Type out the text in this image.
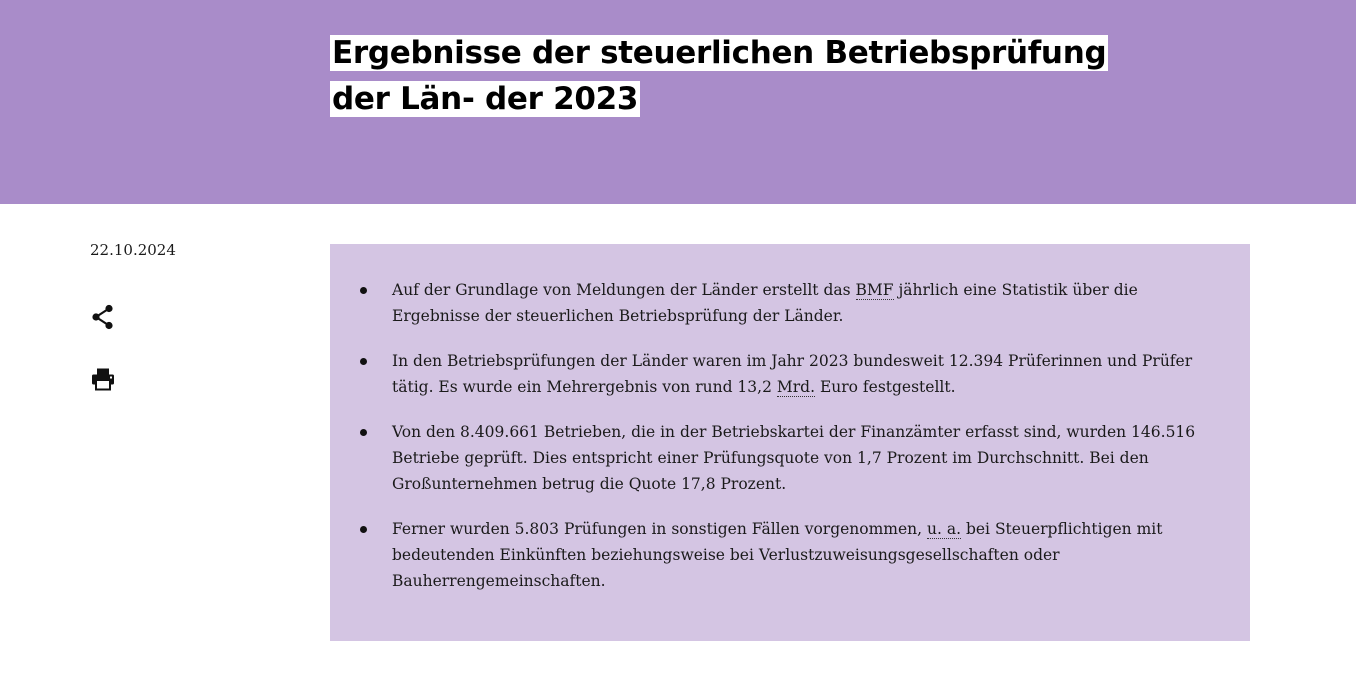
Ergebnisse der steuerlichen Betriebsprüfung der Län- der 2023
22.10.2024
Auf der Grundlage von Meldungen der Länder erstellt das BMF jährlich eine Statistik über die Ergebnisse der steuerlichen Betriebsprüfung der Länder.
In den Betriebsprüfungen der Länder waren im Jahr 2023 bundesweit 12.394 Prüferinnen und Prüfer tätig. Es wurde ein Mehrergebnis von rund 13,2 Mrd. Euro festgestellt.
Von den 8.409.661 Betrieben, die in der Betriebskartei der Finanzämter erfasst sind, wurden 146.516 Betriebe geprüft. Dies entspricht einer Prüfungsquote von 1,7 Prozent im Durchschnitt. Bei den Großunternehmen betrug die Quote 17,8 Prozent.
Ferner wurden 5.803 Prüfungen in sonstigen Fällen vorgenommen, u. a. bei Steuerpflichtigen mit bedeutenden Einkünften beziehungsweise bei Verlustzuweisungsgesellschaften oder Bauherrengemeinschaften.
